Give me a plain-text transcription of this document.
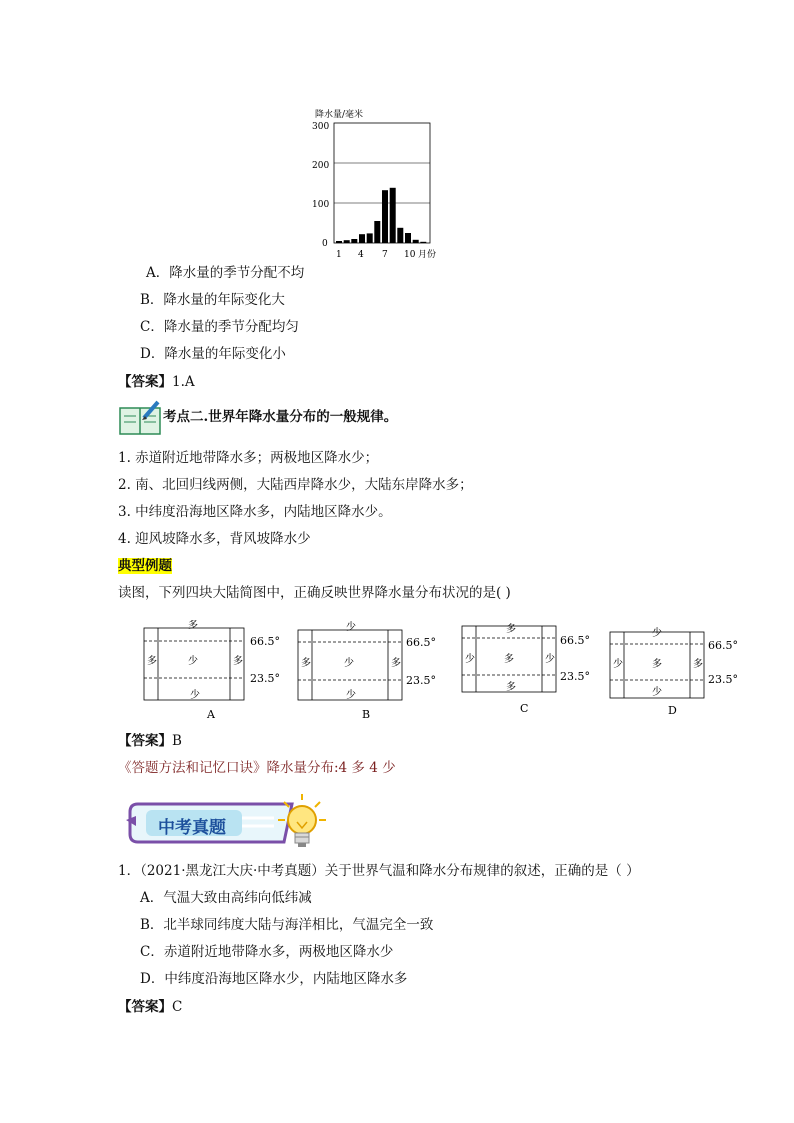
降水量/毫米
300
200
100
0
1 4 7 10 月份
A．降水量的季节分配不均
B．降水量的年际变化大
C．降水量的季节分配均匀
D．降水量的年际变化小
【答案】1.A
考点二.世界年降水量分布的一般规律。
1. 赤道附近地带降水多；两极地区降水少；
2. 南、北回归线两侧，大陆西岸降水少，大陆东岸降水多；
3. 中纬度沿海地区降水多，内陆地区降水少。
4. 迎风坡降水多，背风坡降水少
典型例题
读图，下列四块大陆简图中，正确反映世界降水量分布状况的是( )
多
多	少	多
少
66.5°
23.5°
A
少
多	少	多
少
66.5°
23.5°
B
多
少	多	少
多
66.5°
23.5°
C
少
少	多	多
少
66.5°
23.5°
D
【答案】B
《答题方法和记忆口诀》降水量分布:4 多 4 少
中考真题
1．（2021·黑龙江大庆·中考真题）关于世界气温和降水分布规律的叙述，正确的是（ ）
A．气温大致由高纬向低纬减
B．北半球同纬度大陆与海洋相比，气温完全一致
C．赤道附近地带降水多，两极地区降水少
D．中纬度沿海地区降水少，内陆地区降水多
【答案】C
